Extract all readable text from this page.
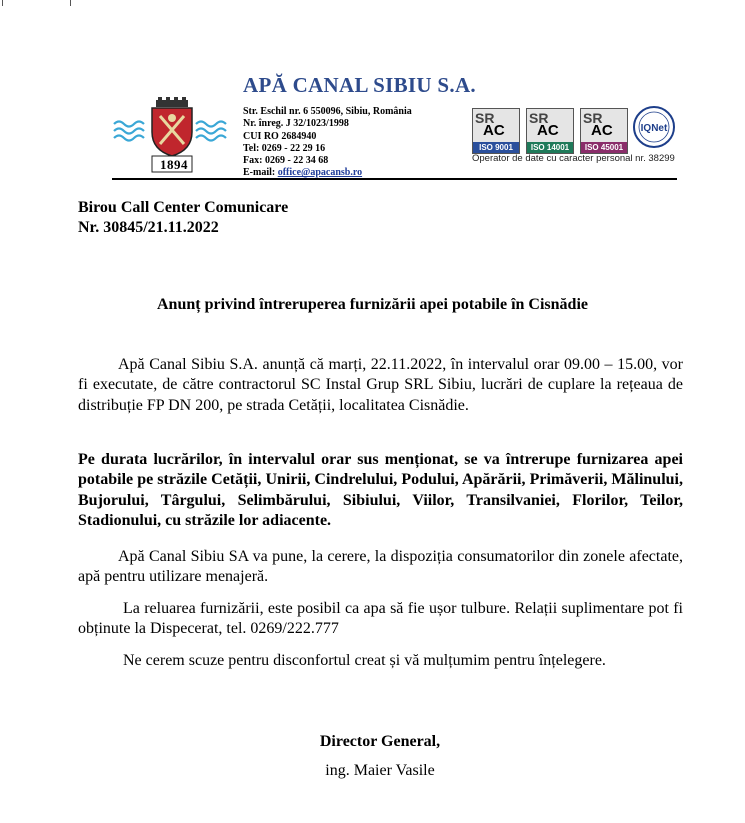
1894
APĂ CANAL SIBIU S.A.
Str. Eschil nr. 6 550096, Sibiu, România
Nr. înreg. J 32/1023/1998
CUI RO 2684940
Tel: 0269 - 22 29 16
Fax: 0269 - 22 34 68
E-mail: office@apacansb.ro
SR
AC
ISO 9001
SR
AC
ISO 14001
SR
AC
ISO 45001
IQNet
Operator de date cu caracter personal nr. 38299
Birou Call Center Comunicare
Nr. 30845/21.11.2022
Anunț privind întreruperea furnizării apei potabile în Cisnădie
Apă Canal Sibiu S.A. anunță că marți, 22.11.2022, în intervalul orar 09.00 – 15.00, vor fi executate, de către contractorul SC Instal Grup SRL Sibiu, lucrări de cuplare la rețeaua de distribuție FP DN 200, pe strada Cetății, localitatea Cisnădie.
Pe durata lucrărilor, în intervalul orar sus menționat, se va întrerupe furnizarea apei potabile pe străzile Cetății, Unirii, Cindrelului, Podului, Apărării, Primăverii, Mălinului, Bujorului, Târgului, Selimbărului, Sibiului, Viilor, Transilvaniei, Florilor, Teilor, Stadionului, cu străzile lor adiacente.
Apă Canal Sibiu SA va pune, la cerere, la dispoziția consumatorilor din zonele afectate, apă pentru utilizare menajeră.
La reluarea furnizării, este posibil ca apa să fie ușor tulbure. Relații suplimentare pot fi obținute la Dispecerat, tel. 0269/222.777
Ne cerem scuze pentru disconfortul creat și vă mulțumim pentru înțelegere.
Director General,
ing. Maier Vasile
